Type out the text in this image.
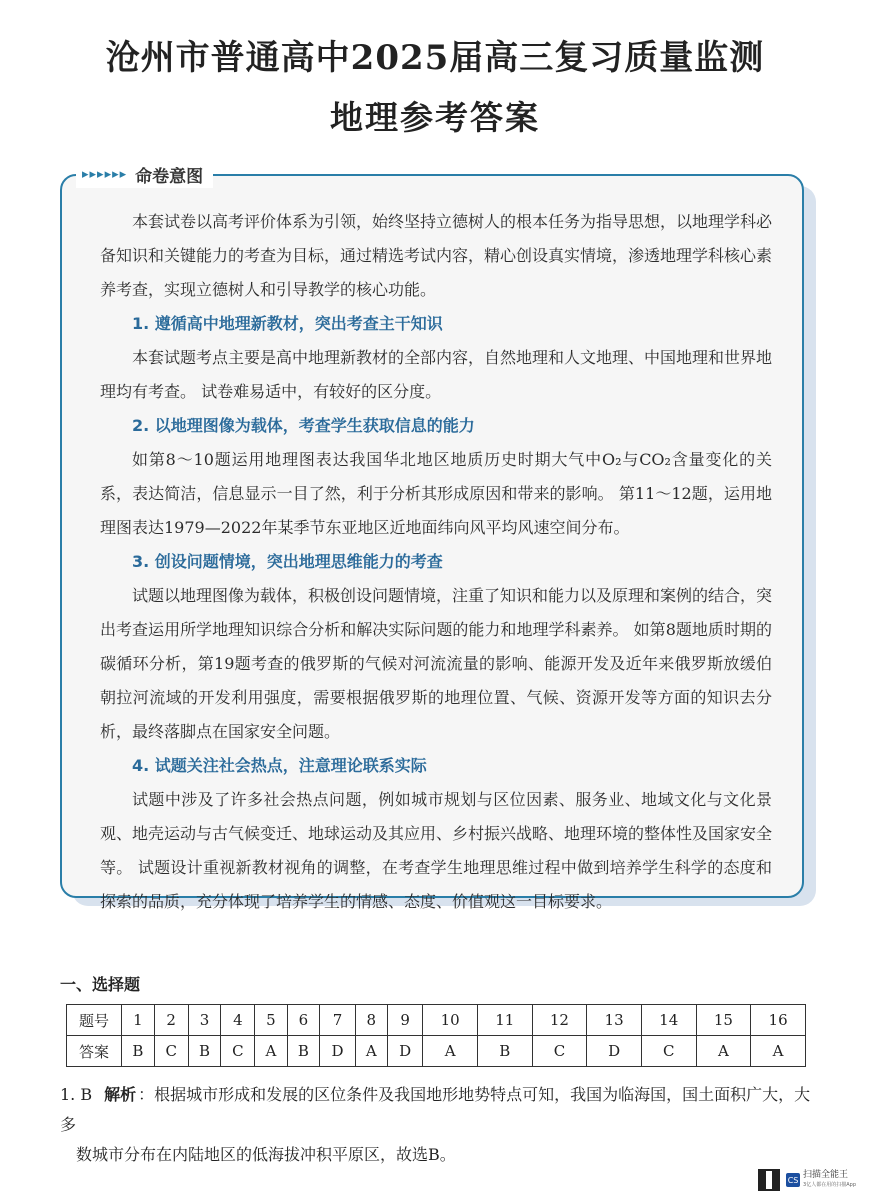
沧州市普通高中2025届高三复习质量监测
地理参考答案
▸▸▸▸▸▸ 命卷意图

本套试卷以高考评价体系为引领，始终坚持立德树人的根本任务为指导思想，以地理学科必备知识和关键能力的考查为目标，通过精选考试内容，精心创设真实情境，渗透地理学科核心素养考查，实现立德树人和引导教学的核心功能。

1. 遵循高中地理新教材，突出考查主干知识

本套试题考点主要是高中地理新教材的全部内容，自然地理和人文地理、中国地理和世界地理均有考查。 试卷难易适中，有较好的区分度。

2. 以地理图像为载体，考查学生获取信息的能力

如第8～10题运用地理图表达我国华北地区地质历史时期大气中O₂与CO₂含量变化的关系，表达简洁，信息显示一目了然，利于分析其形成原因和带来的影响。 第11～12题，运用地理图表达1979—2022年某季节东亚地区近地面纬向风平均风速空间分布。

3. 创设问题情境，突出地理思维能力的考查

试题以地理图像为载体，积极创设问题情境，注重了知识和能力以及原理和案例的结合，突出考查运用所学地理知识综合分析和解决实际问题的能力和地理学科素养。 如第8题地质时期的碳循环分析，第19题考查的俄罗斯的气候对河流流量的影响、能源开发及近年来俄罗斯放缓伯朝拉河流域的开发利用强度，需要根据俄罗斯的地理位置、气候、资源开发等方面的知识去分析，最终落脚点在国家安全问题。

4. 试题关注社会热点，注意理论联系实际

试题中涉及了许多社会热点问题，例如城市规划与区位因素、服务业、地域文化与文化景观、地壳运动与古气候变迁、地球运动及其应用、乡村振兴战略、地理环境的整体性及国家安全等。 试题设计重视新教材视角的调整，在考查学生地理思维过程中做到培养学生科学的态度和探索的品质，充分体现了培养学生的情感、态度、价值观这一目标要求。

一、选择题
题号	1	2	3	4	5	6	7	8	9	10	11	12	13	14	15	16
答案	B	C	B	C	A	B	D	A	D	A	B	C	D	C	A	A
1. B 解析 ：根据城市形成和发展的区位条件及我国地形地势特点可知，我国为临海国，国土面积广大，大多
数城市分布在内陆地区的低海拔冲积平原区，故选B。
CS 扫描全能王
3亿人都在用的扫描App
